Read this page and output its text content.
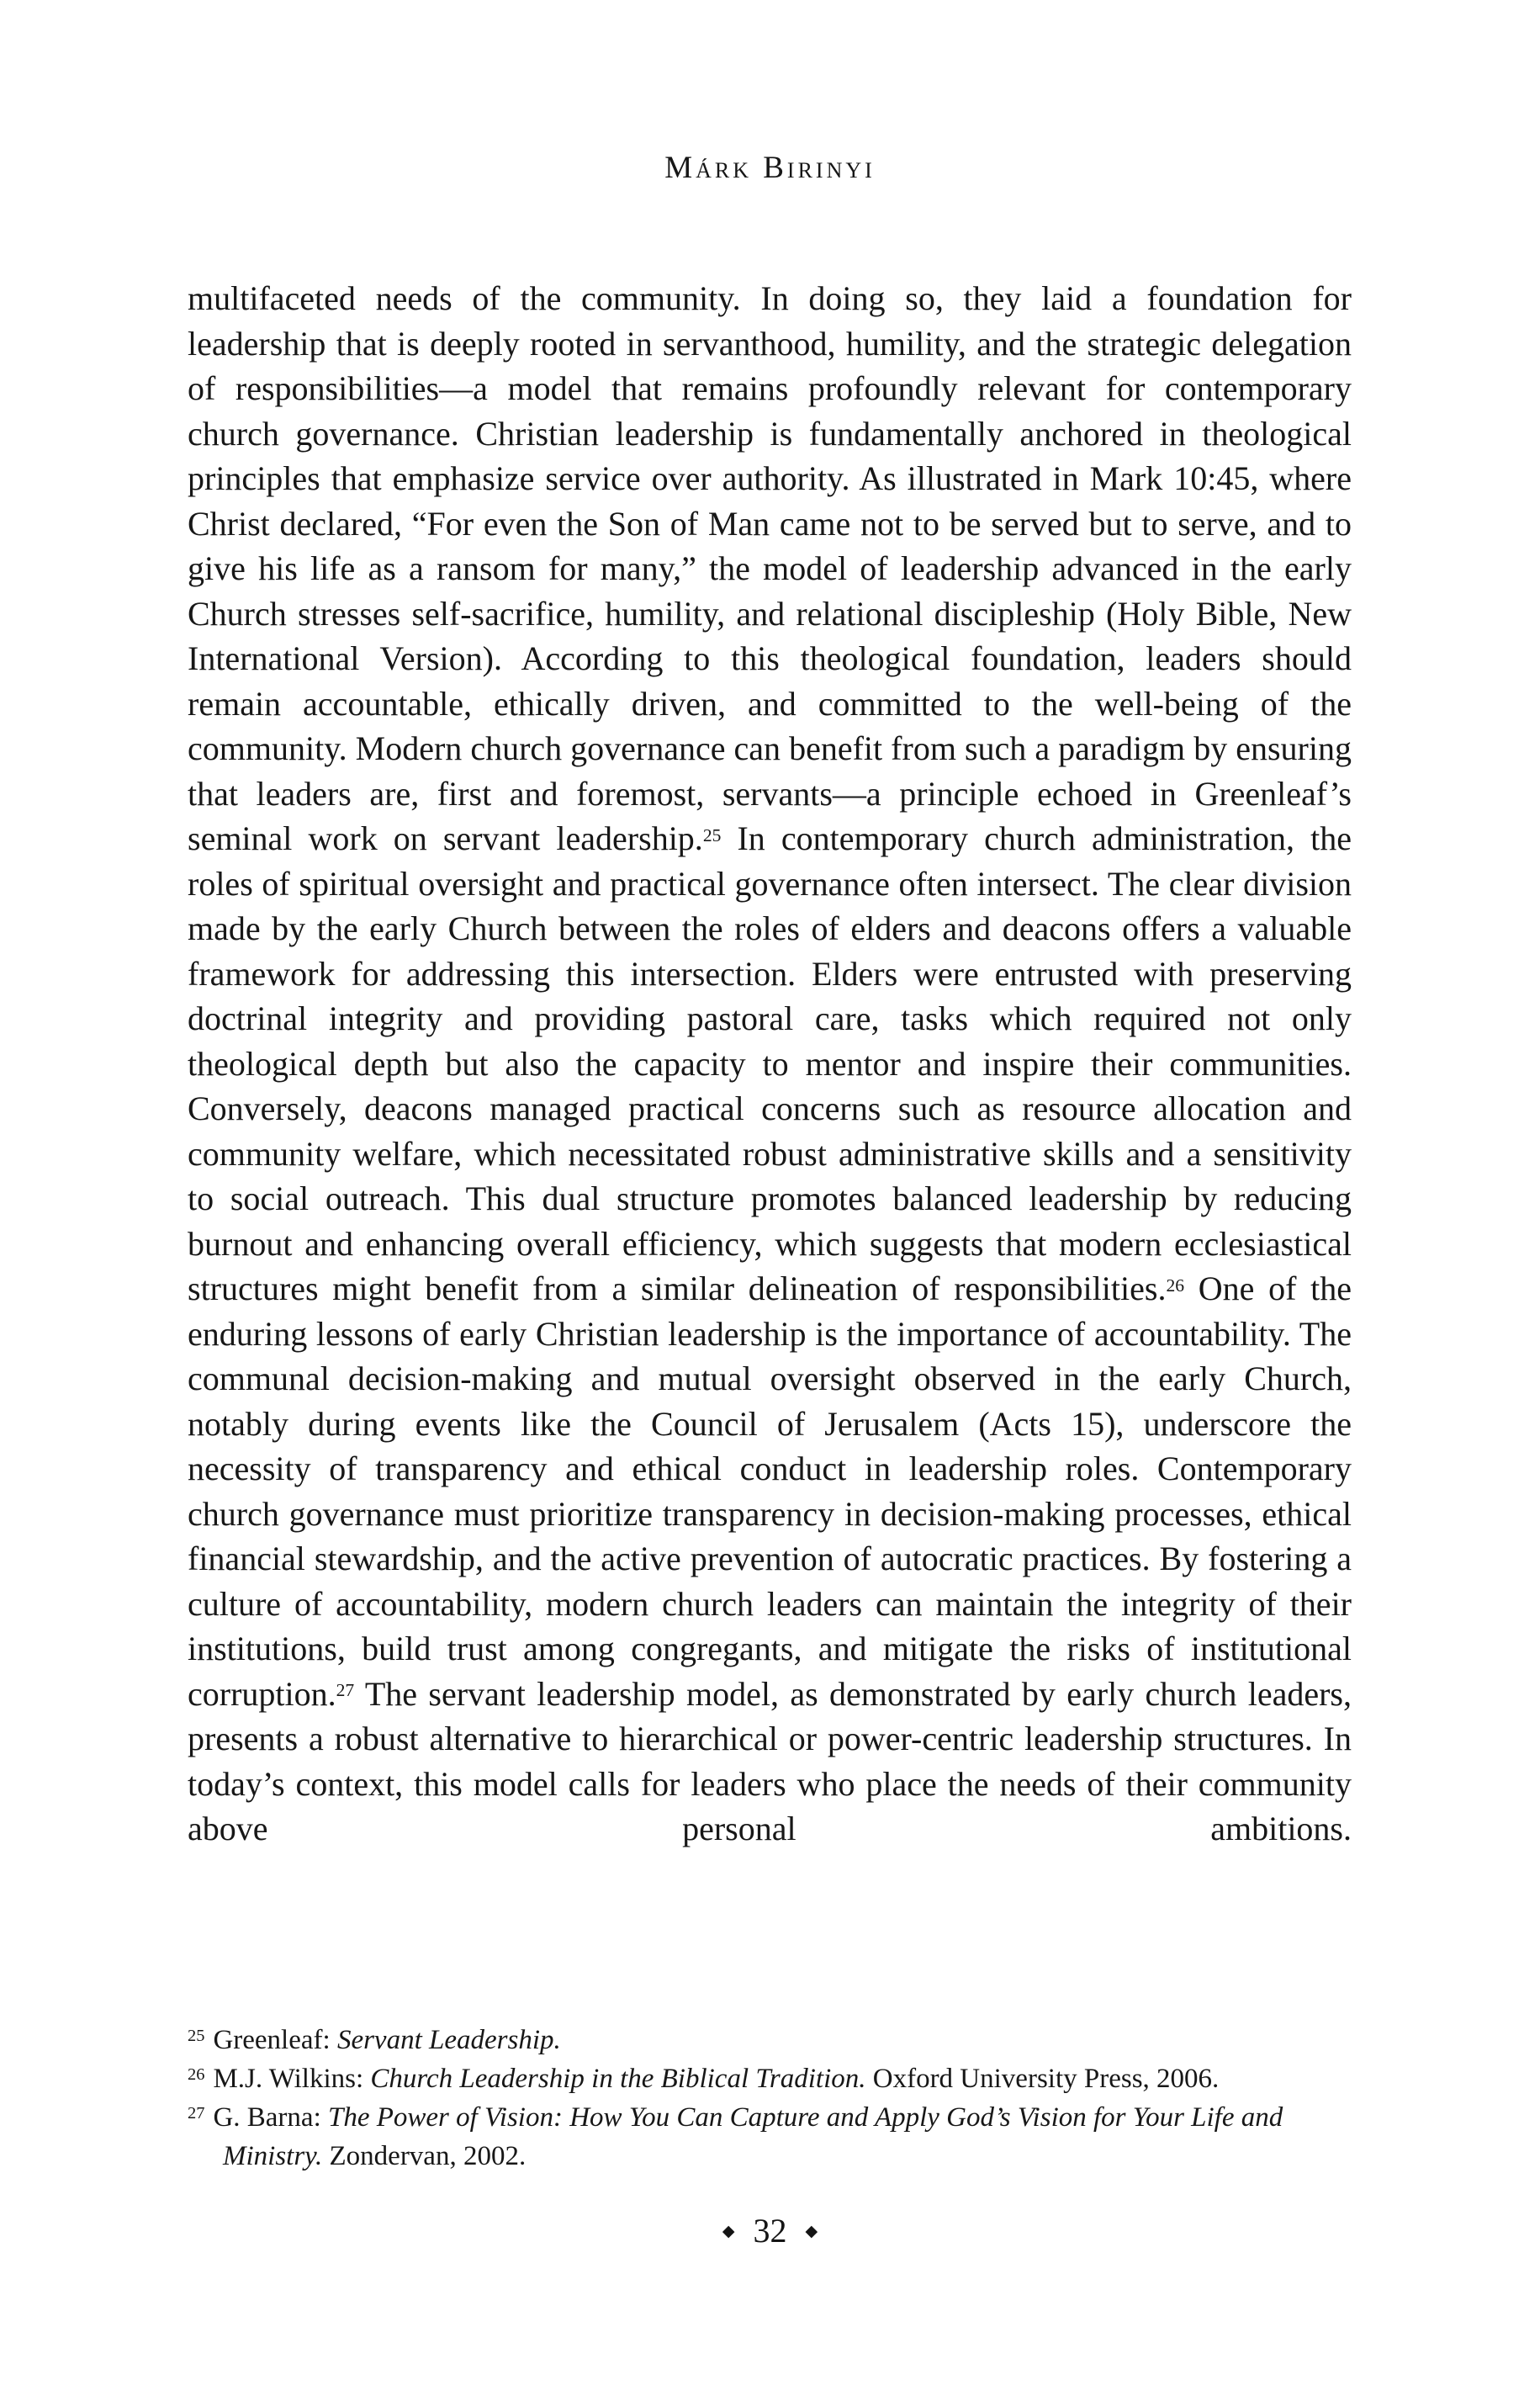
Márk Birinyi

multifaceted needs of the community. In doing so, they laid a foundation for leadership that is deeply rooted in servanthood, humility, and the strategic delegation of responsibilities—a model that remains profoundly relevant for contemporary church governance. Christian leadership is fundamentally anchored in theological principles that emphasize service over authority. As illustrated in Mark 10:45, where Christ declared, “For even the Son of Man came not to be served but to serve, and to give his life as a ransom for many,” the model of leadership advanced in the early Church stresses self-sacrifice, humility, and relational discipleship (Holy Bible, New International Version). According to this theological foundation, leaders should remain accountable, ethically driven, and committed to the well-being of the community. Modern church governance can benefit from such a paradigm by ensuring that leaders are, first and foremost, servants—a principle echoed in Greenleaf’s seminal work on servant leadership.$^{25}$ In contemporary church administration, the roles of spiritual oversight and practical governance often intersect. The clear division made by the early Church between the roles of elders and deacons offers a valuable framework for addressing this intersection. Elders were entrusted with preserving doctrinal integrity and providing pastoral care, tasks which required not only theological depth but also the capacity to mentor and inspire their communities. Conversely, deacons managed practical concerns such as resource allocation and community welfare, which necessitated robust administrative skills and a sensitivity to social outreach. This dual structure promotes balanced leadership by reducing burnout and enhancing overall efficiency, which suggests that modern ecclesiastical structures might benefit from a similar delineation of responsibilities.$^{26}$ One of the enduring lessons of early Christian leadership is the importance of accountability. The communal decision-making and mutual oversight observed in the early Church, notably during events like the Council of Jerusalem (Acts 15), underscore the necessity of transparency and ethical conduct in leadership roles. Contemporary church governance must prioritize transparency in decision-making processes, ethical financial stewardship, and the active prevention of autocratic practices. By fostering a culture of accountability, modern church leaders can maintain the integrity of their institutions, build trust among congregants, and mitigate the risks of institutional corruption.$^{27}$ The servant leadership model, as demonstrated by early church leaders, presents a robust alternative to hierarchical or power-centric leadership structures. In today’s context, this model calls for leaders who place the needs of their community above personal ambitions.

$^{25}$ Greenleaf: Servant Leadership.
$^{26}$ M.J. Wilkins: Church Leadership in the Biblical Tradition. Oxford University Press, 2006.
$^{27}$ G. Barna: The Power of Vision: How You Can Capture and Apply God’s Vision for Your Life and Ministry. Zondervan, 2002.
◆ 32 ◆
